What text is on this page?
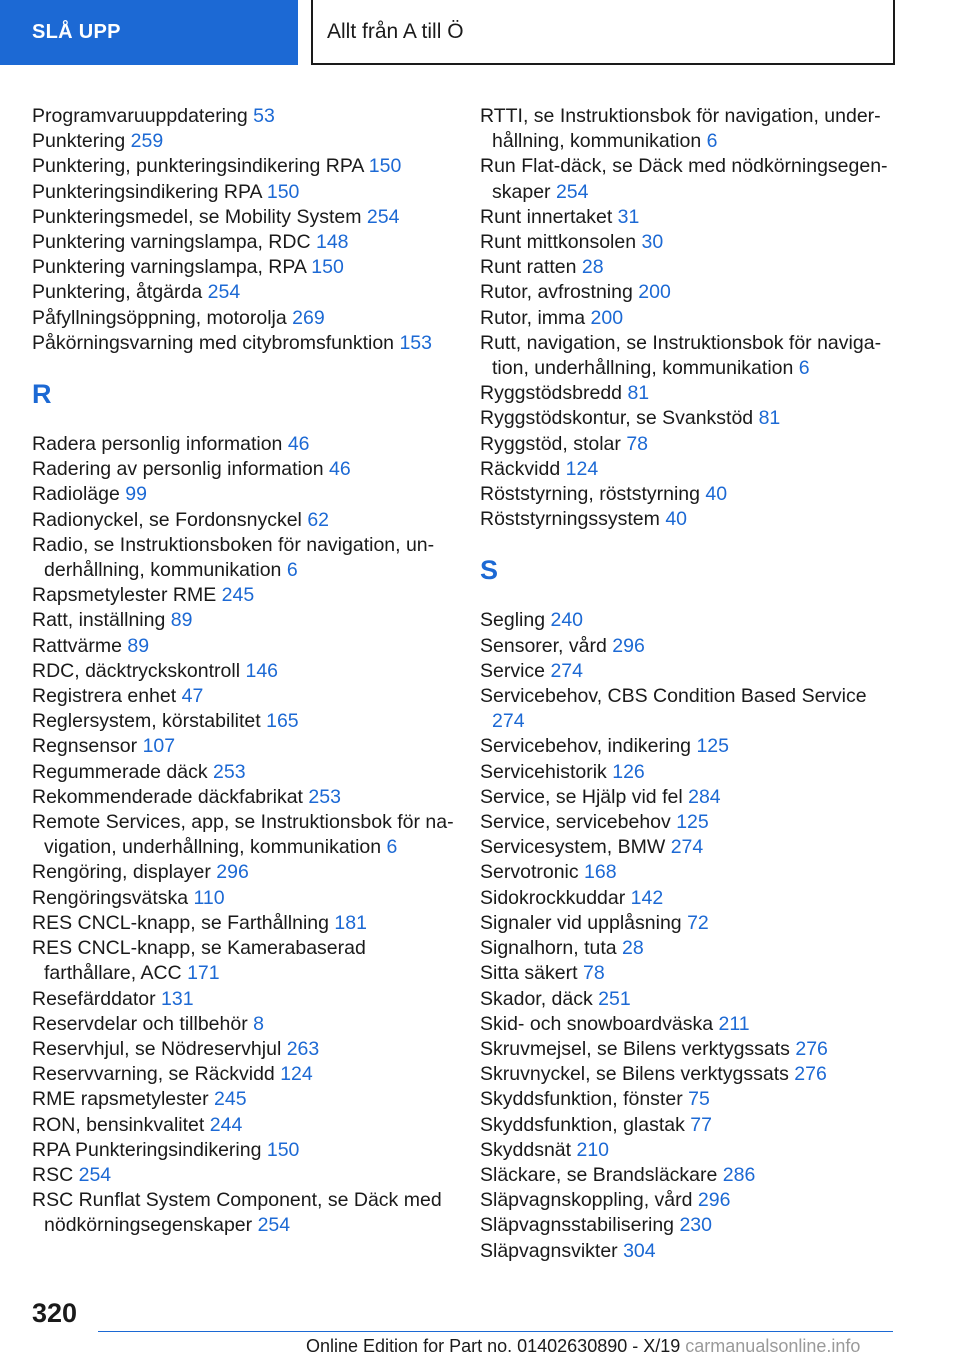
SLÅ UPP	Allt från A till Ö
Programvaruuppdatering 53
Punktering 259
Punktering, punkteringsindikering RPA 150
Punkteringsindikering RPA 150
Punkteringsmedel, se Mobility System 254
Punktering varningslampa, RDC 148
Punktering varningslampa, RPA 150
Punktering, åtgärda 254
Påfyllningsöppning, motorolja 269
Påkörningsvarning med citybromsfunktion 153
R
Radera personlig information 46
Radering av personlig information 46
Radioläge 99
Radionyckel, se Fordonsnyckel 62
Radio, se Instruktionsboken för navigation, underhållning, kommunikation 6
Rapsmetylester RME 245
Ratt, inställning 89
Rattvärme 89
RDC, däcktryckskontroll 146
Registrera enhet 47
Reglersystem, körstabilitet 165
Regnsensor 107
Regummerade däck 253
Rekommenderade däckfabrikat 253
Remote Services, app, se Instruktionsbok för navigation, underhållning, kommunikation 6
Rengöring, displayer 296
Rengöringsvätska 110
RES CNCL-knapp, se Farthållning 181
RES CNCL-knapp, se Kamerabaserad farthållare, ACC 171
Resefärddator 131
Reservdelar och tillbehör 8
Reservhjul, se Nödreservhjul 263
Reservvarning, se Räckvidd 124
RME rapsmetylester 245
RON, bensinkvalitet 244
RPA Punkteringsindikering 150
RSC 254
RSC Runflat System Component, se Däck med nödkörningsegenskaper 254
RTTI, se Instruktionsbok för navigation, underhållning, kommunikation 6
Run Flat-däck, se Däck med nödkörningsegenskaper 254
Runt innertaket 31
Runt mittkonsolen 30
Runt ratten 28
Rutor, avfrostning 200
Rutor, imma 200
Rutt, navigation, se Instruktionsbok för navigation, underhållning, kommunikation 6
Ryggstödsbredd 81
Ryggstödskontur, se Svankstöd 81
Ryggstöd, stolar 78
Räckvidd 124
Röststyrning, röststyrning 40
Röststyrningssystem 40
S
Segling 240
Sensorer, vård 296
Service 274
Servicebehov, CBS Condition Based Service 274
Servicebehov, indikering 125
Servicehistorik 126
Service, se Hjälp vid fel 284
Service, servicebehov 125
Servicesystem, BMW 274
Servotronic 168
Sidokrockkuddar 142
Signaler vid upplåsning 72
Signalhorn, tuta 28
Sitta säkert 78
Skador, däck 251
Skid- och snowboardväska 211
Skruvmejsel, se Bilens verktygssats 276
Skruvnyckel, se Bilens verktygssats 276
Skyddsfunktion, fönster 75
Skyddsfunktion, glastak 77
Skyddsnät 210
Släckare, se Brandsläckare 286
Släpvagnskoppling, vård 296
Släpvagnsstabilisering 230
Släpvagnsvikter 304
320
Online Edition for Part no. 01402630890 - X/19 carmanualsonline.info
